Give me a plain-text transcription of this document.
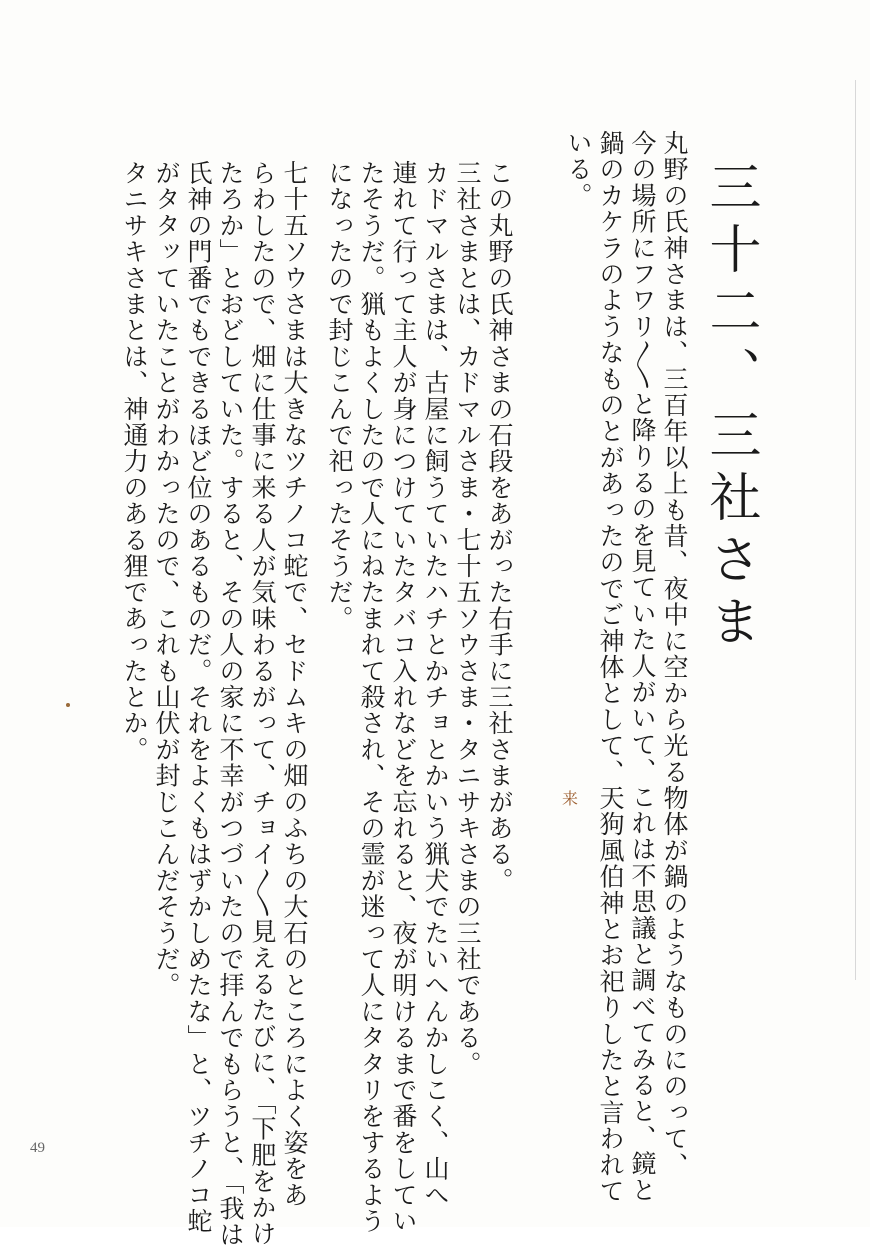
三十二、三社さま
丸野の氏神さまは、三百年以上も昔、夜中に空から光る物体が鍋のようなものにのって、
今の場所にフワリ〱と降りるのを見ていた人がいて、これは不思議と調べてみると、鏡と
鍋のカケラのようなものとがあったのでご神体として、天狗風伯神とお祀りしたと言われて
いる。
来
この丸野の氏神さまの石段をあがった右手に三社さまがある。
三社さまとは、カドマルさま・七十五ソウさま・タニサキさまの三社である。
カドマルさまは、古屋に飼うていたハチとかチョとかいう猟犬でたいへんかしこく、山へ
連れて行って主人が身につけていたタバコ入れなどを忘れると、夜が明けるまで番をしてい
たそうだ。猟もよくしたので人にねたまれて殺され、その霊が迷って人にタタリをするよう
になったので封じこんで祀ったそうだ。
七十五ソウさまは大きなツチノコ蛇で、セドムキの畑のふちの大石のところによく姿をあ
らわしたので、畑に仕事に来る人が気味わるがって、チョイ〱見えるたびに、「下肥をかけ
たろか」とおどしていた。すると、その人の家に不幸がつづいたので拝んでもらうと、「我は
氏神の門番でもできるほど位のあるものだ。それをよくもはずかしめたな」と、ツチノコ蛇
がタタッていたことがわかったので、これも山伏が封じこんだそうだ。
タニサキさまとは、神通力のある狸であったとか。
49
